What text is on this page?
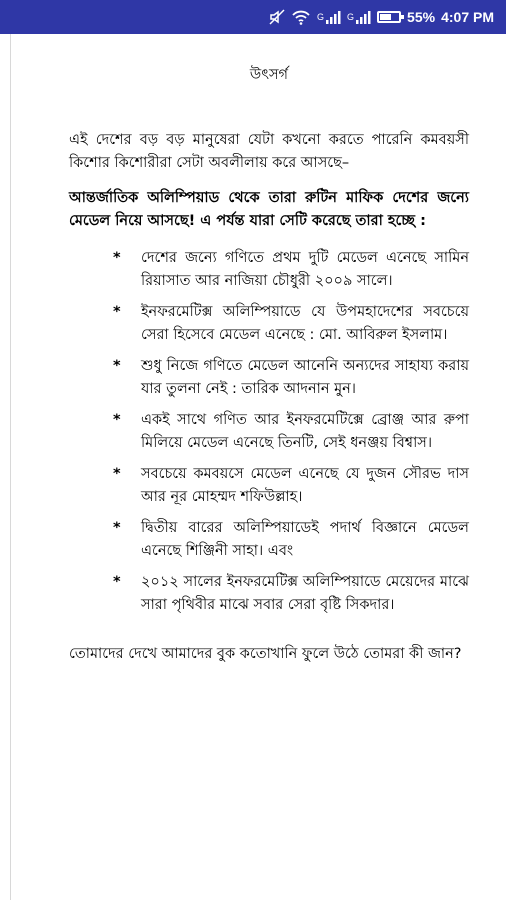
G	G	55% 4:07 PM

উৎসর্গ

এই দেশের বড় বড় মানুষেরা যেটা কখনো করতে পারেনি কমবয়সী কিশোর কিশোরীরা সেটা অবলীলায় করে আসছে–

আন্তর্জাতিক অলিম্পিয়াড থেকে তারা রুটিন মাফিক দেশের জন্যে মেডেল নিয়ে আসছে! এ পর্যন্ত যারা সেটি করেছে তারা হচ্ছে :

* দেশের জন্যে গণিতে প্রথম দুটি মেডেল এনেছে সামিন রিয়াসাত আর নাজিয়া চৌধুরী ২০০৯ সালে।
* ইনফরমেটিক্স অলিম্পিয়াডে যে উপমহাদেশের সবচেয়ে সেরা হিসেবে মেডেল এনেছে : মো. আবিরুল ইসলাম।
* শুধু নিজে গণিতে মেডেল আনেনি অন্যদের সাহায্য করায় যার তুলনা নেই : তারিক আদনান মুন।
* একই সাথে গণিত আর ইনফরমেটিক্সে ব্রোঞ্জ আর রুপা মিলিয়ে মেডেল এনেছে তিনটি, সেই ধনঞ্জয় বিশ্বাস।
* সবচেয়ে কমবয়সে মেডেল এনেছে যে দুজন সৌরভ দাস আর নূর মোহম্মদ শফিউল্লাহ।
* দ্বিতীয় বারের অলিম্পিয়াডেই পদার্থ বিজ্ঞানে মেডেল এনেছে শিঞ্জিনী সাহা। এবং
* ২০১২ সালের ইনফরমেটিক্স অলিম্পিয়াডে মেয়েদের মাঝে সারা পৃথিবীর মাঝে সবার সেরা বৃষ্টি সিকদার।

তোমাদের দেখে আমাদের বুক কতোখানি ফুলে উঠে তোমরা কী জান?
